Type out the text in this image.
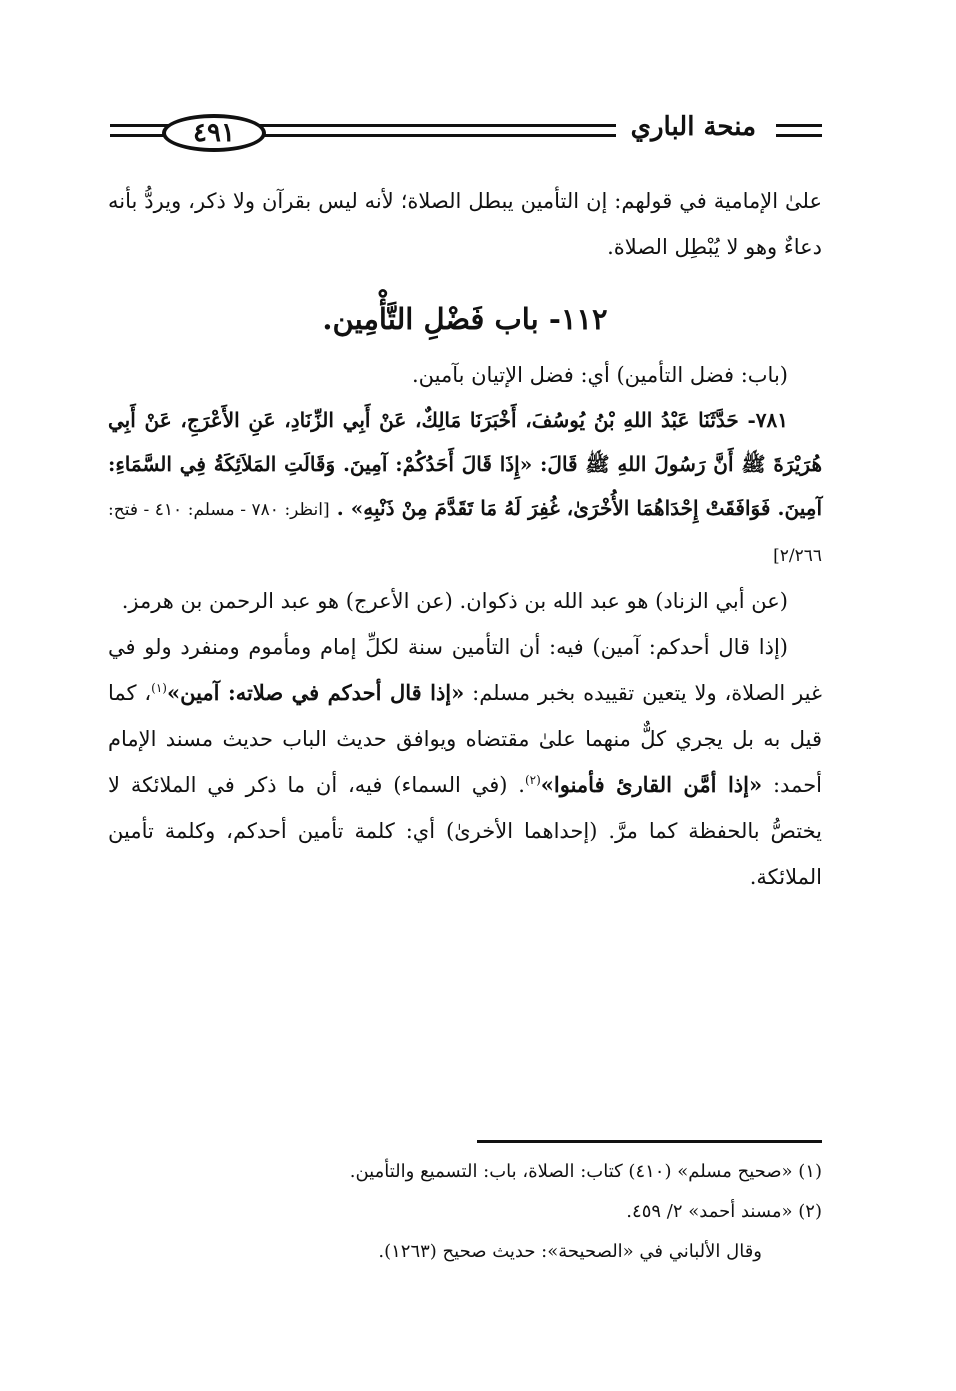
٤٩١	منحة الباري

علىٰ الإمامية في قولهم: إن التأمين يبطل الصلاة؛ لأنه ليس بقرآن ولا ذكر، ويردُّ بأنه دعاءٌ وهو لا يُبْطِل الصلاة.

١١٢- باب فَضْلِ التَّأْمِين.

(باب: فضل التأمين) أي: فضل الإتيان بآمين.

٧٨١- حَدَّثَنَا عَبْدُ اللهِ بْنُ يُوسُفَ، أَخْبَرَنَا مَالِكٌ، عَنْ أَبِي الزِّنَادِ، عَنِ الأَعْرَجِ، عَنْ أَبِي هُرَيْرَةَ ﷺ أَنَّ رَسُولَ اللهِ ﷺ قَالَ: «إِذَا قَالَ أَحَدُكُمْ: آمِينَ. وَقَالَتِ المَلاَئِكَةُ فِي السَّمَاءِ: آمِينَ. فَوَافَقَتْ إِحْدَاهُمَا الأُخْرَىٰ، غُفِرَ لَهُ مَا تَقَدَّمَ مِنْ ذَنْبِهِ» . [انظر: ٧٨٠ - مسلم: ٤١٠ - فتح: ٢/٢٦٦]

(عن أبي الزناد) هو عبد الله بن ذكوان. (عن الأعرج) هو عبد الرحمن بن هرمز.

(إذا قال أحدكم: آمين) فيه: أن التأمين سنة لكلِّ إمام ومأموم ومنفرد ولو في غير الصلاة، ولا يتعين تقييده بخبر مسلم: «إذا قال أحدكم في صلاته: آمين»$^{(١)}$، كما قيل به بل يجري كلٌّ منهما علىٰ مقتضاه ويوافق حديث الباب حديث مسند الإمام أحمد: «إذا أمَّن القارئ فأمنوا»$^{(٢)}$. (في السماء) فيه، أن ما ذكر في الملائكة لا يختصُّ بالحفظة كما مرَّ. (إحداهما الأخرىٰ) أي: كلمة تأمين أحدكم، وكلمة تأمين الملائكة.

(١) «صحيح مسلم» (٤١٠) كتاب: الصلاة، باب: التسميع والتأمين.
(٢) «مسند أحمد» ٢/ ٤٥٩.
وقال الألباني في «الصحيحة»: حديث صحيح (١٢٦٣).
